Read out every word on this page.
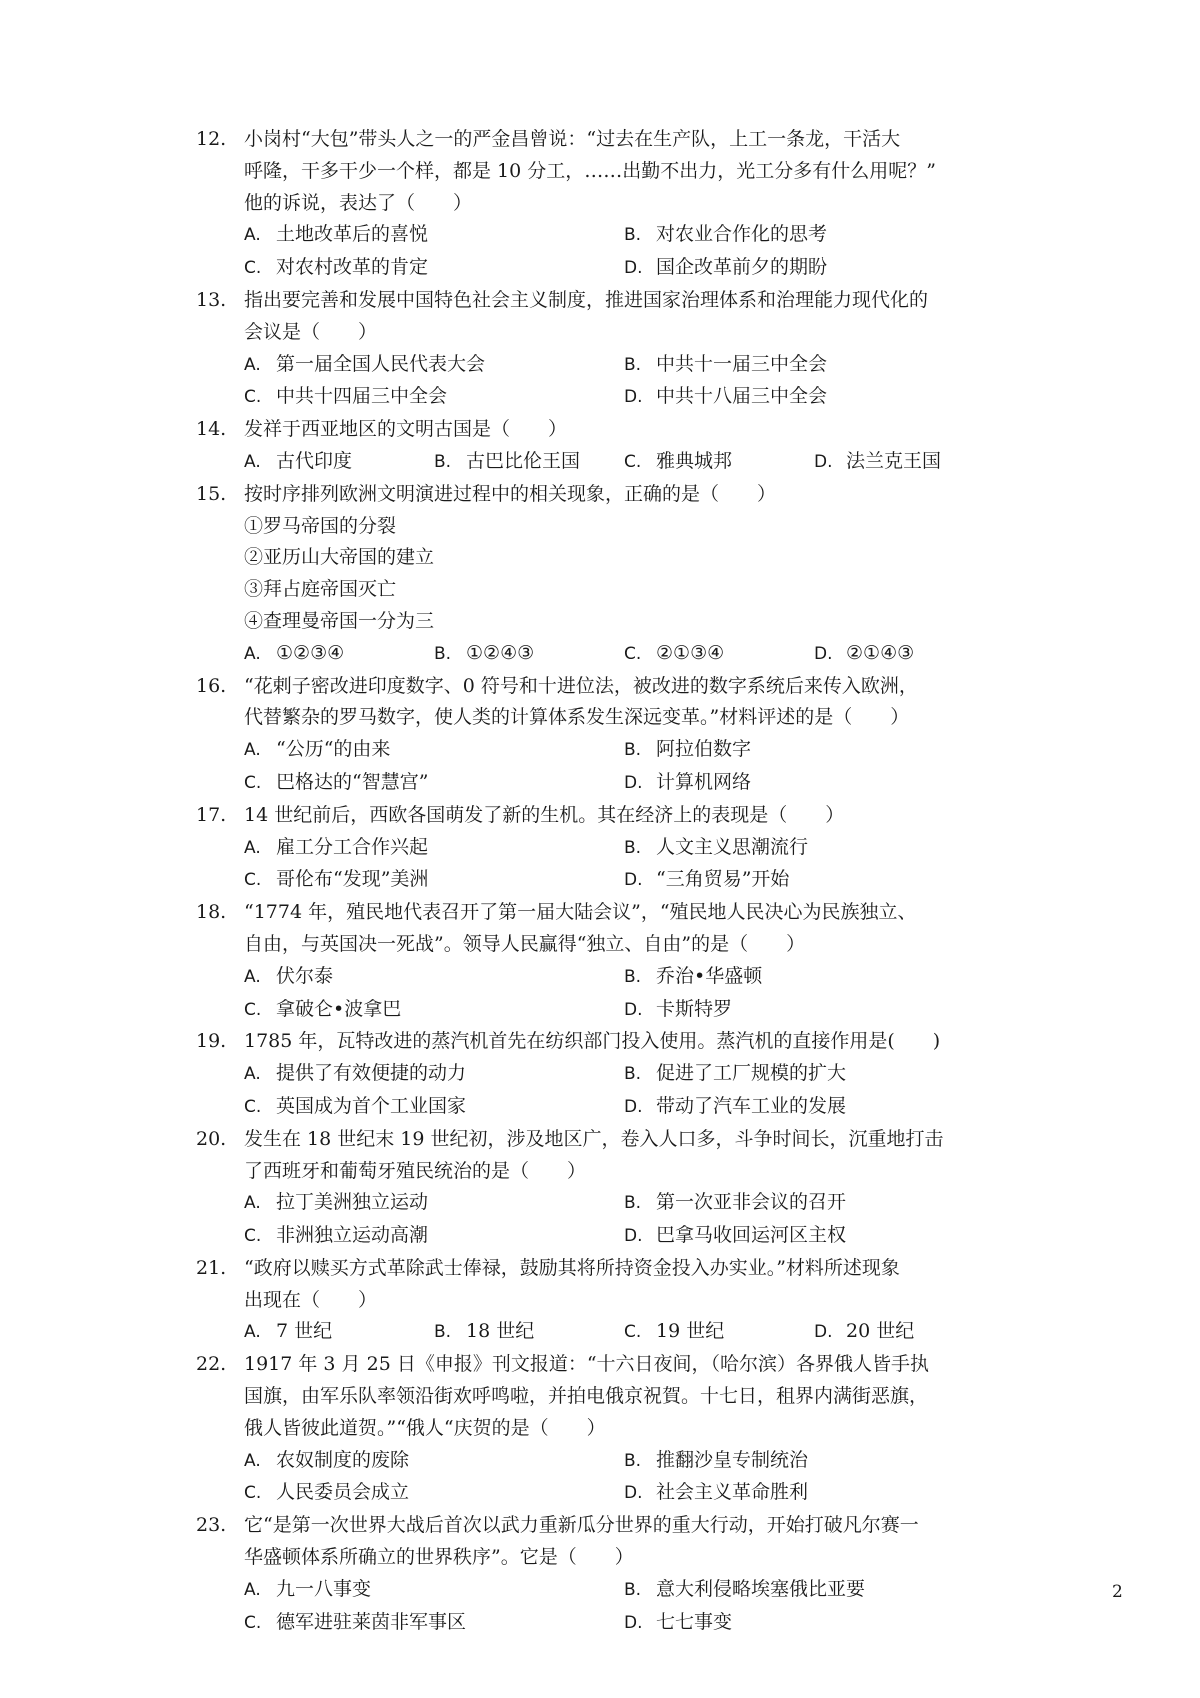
12. 小岗村“大包”带头人之一的严金昌曾说：“过去在生产队，上工一条龙，干活大
呼隆，干多干少一个样，都是 10 分工，……出勤不出力，光工分多有什么用呢？”
他的诉说，表达了（　　）
A. 土地改革后的喜悦	B. 对农业合作化的思考
C. 对农村改革的肯定	D. 国企改革前夕的期盼
13. 指出要完善和发展中国特色社会主义制度，推进国家治理体系和治理能力现代化的
会议是（　　）
A. 第一届全国人民代表大会	B. 中共十一届三中全会
C. 中共十四届三中全会	D. 中共十八届三中全会
14. 发祥于西亚地区的文明古国是（　　）
A. 古代印度	B. 古巴比伦王国	C. 雅典城邦	D. 法兰克王国
15. 按时序排列欧洲文明演进过程中的相关现象，正确的是（　　）
①罗马帝国的分裂
②亚历山大帝国的建立
③拜占庭帝国灭亡
④查理曼帝国一分为三
A. ①②③④	B. ①②④③	C. ②①③④	D. ②①④③
16. “花剌子密改进印度数字、0 符号和十进位法，被改进的数字系统后来传入欧洲，
代替繁杂的罗马数字，使人类的计算体系发生深远变革。”材料评述的是（　　）
A. “公历“的由来	B. 阿拉伯数字
C. 巴格达的“智慧宫”	D. 计算机网络
17. 14 世纪前后，西欧各国萌发了新的生机。其在经济上的表现是（　　）
A. 雇工分工合作兴起	B. 人文主义思潮流行
C. 哥伦布“发现”美洲	D. “三角贸易”开始
18. “1774 年，殖民地代表召开了第一届大陆会议”，“殖民地人民决心为民族独立、
自由，与英国决一死战”。领导人民赢得“独立、自由”的是（　　）
A. 伏尔泰	B. 乔治•华盛顿
C. 拿破仑•波拿巴	D. 卡斯特罗
19. 1785 年，瓦特改进的蒸汽机首先在纺织部门投入使用。蒸汽机的直接作用是(　　)
A. 提供了有效便捷的动力	B. 促进了工厂规模的扩大
C. 英国成为首个工业国家	D. 带动了汽车工业的发展
20. 发生在 18 世纪末 19 世纪初，涉及地区广，卷入人口多，斗争时间长，沉重地打击
了西班牙和葡萄牙殖民统治的是（　　）
A. 拉丁美洲独立运动	B. 第一次亚非会议的召开
C. 非洲独立运动高潮	D. 巴拿马收回运河区主权
21. “政府以赎买方式革除武士俸禄，鼓励其将所持资金投入办实业。”材料所述现象
出现在（　　）
A. 7 世纪	B. 18 世纪	C. 19 世纪	D. 20 世纪
22. 1917 年 3 月 25 日《申报》刊文报道：“十六日夜间，（哈尔滨）各界俄人皆手执
国旗，由军乐队率领沿街欢呼鸣啦，并拍电俄京祝賀。十七日，租界内满街恶旗，
俄人皆彼此道贺。”“俄人“庆贺的是（　　）
A. 农奴制度的废除	B. 推翻沙皇专制统治
C. 人民委员会成立	D. 社会主义革命胜利
23. 它“是第一次世界大战后首次以武力重新瓜分世界的重大行动，开始打破凡尔赛一
华盛顿体系所确立的世界秩序”。它是（　　）
A. 九一八事变	B. 意大利侵略埃塞俄比亚要
C. 德军进驻莱茵非军事区	D. 七七事变
2
